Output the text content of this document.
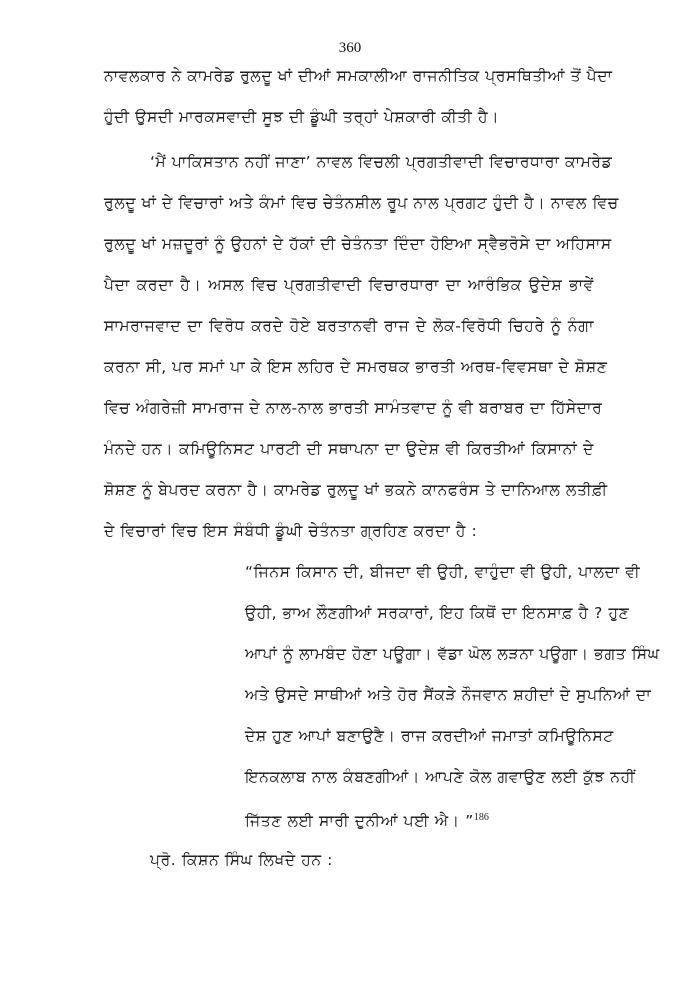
360
ਨਾਵਲਕਾਰ ਨੇ ਕਾਮਰੇਡ ਰੁਲਦੂ ਖਾਂ ਦੀਆਂ ਸਮਕਾਲੀਆ ਰਾਜਨੀਤਿਕ ਪ੍ਰਸਥਿਤੀਆਂ ਤੋਂ ਪੈਦਾ
ਹੁੰਦੀ ਉਸਦੀ ਮਾਰਕਸਵਾਦੀ ਸੂਝ ਦੀ ਡੂੰਘੀ ਤਰ੍ਹਾਂ ਪੇਸ਼ਕਾਰੀ ਕੀਤੀ ਹੈ।
‘ਮੈਂ ਪਾਕਿਸਤਾਨ ਨਹੀਂ ਜਾਣਾ’ ਨਾਵਲ ਵਿਚਲੀ ਪ੍ਰਗਤੀਵਾਦੀ ਵਿਚਾਰਧਾਰਾ ਕਾਮਰੇਡ
ਰੁਲਦੂ ਖਾਂ ਦੇ ਵਿਚਾਰਾਂ ਅਤੇ ਕੰਮਾਂ ਵਿਚ ਚੇਤੰਨਸ਼ੀਲ ਰੂਪ ਨਾਲ ਪ੍ਰਗਟ ਹੁੰਦੀ ਹੈ। ਨਾਵਲ ਵਿਚ
ਰੁਲਦੂ ਖਾਂ ਮਜ਼ਦੂਰਾਂ ਨੂੰ ਉਹਨਾਂ ਦੇ ਹੱਕਾਂ ਦੀ ਚੇਤੰਨਤਾ ਦਿੰਦਾ ਹੋਇਆ ਸ੍ਵੈਭਰੋਸੇ ਦਾ ਅਹਿਸਾਸ
ਪੈਦਾ ਕਰਦਾ ਹੈ। ਅਸਲ ਵਿਚ ਪ੍ਰਗਤੀਵਾਦੀ ਵਿਚਾਰਧਾਰਾ ਦਾ ਆਰੰਭਿਕ ਉਦੇਸ਼ ਭਾਵੇਂ
ਸਾਮਰਾਜਵਾਦ ਦਾ ਵਿਰੋਧ ਕਰਦੇ ਹੋਏ ਬਰਤਾਨਵੀ ਰਾਜ ਦੇ ਲੋਕ-ਵਿਰੋਧੀ ਚਿਹਰੇ ਨੂੰ ਨੰਗਾ
ਕਰਨਾ ਸੀ, ਪਰ ਸਮਾਂ ਪਾ ਕੇ ਇਸ ਲਹਿਰ ਦੇ ਸਮਰਥਕ ਭਾਰਤੀ ਅਰਥ-ਵਿਵਸਥਾ ਦੇ ਸ਼ੋਸ਼ਣ
ਵਿਚ ਅੰਗਰੇਜ਼ੀ ਸਾਮਰਾਜ ਦੇ ਨਾਲ-ਨਾਲ ਭਾਰਤੀ ਸਾਮੰਤਵਾਦ ਨੂੰ ਵੀ ਬਰਾਬਰ ਦਾ ਹਿੱਸੇਦਾਰ
ਮੰਨਦੇ ਹਨ। ਕਮਿਊਨਿਸਟ ਪਾਰਟੀ ਦੀ ਸਥਾਪਨਾ ਦਾ ਉਦੇਸ਼ ਵੀ ਕਿਰਤੀਆਂ ਕਿਸਾਨਾਂ ਦੇ
ਸ਼ੋਸ਼ਣ ਨੂੰ ਬੇਪਰਦ ਕਰਨਾ ਹੈ। ਕਾਮਰੇਡ ਰੁਲਦੂ ਖਾਂ ਭਕਨੇ ਕਾਨਫਰੰਸ ਤੇ ਦਾਨਿਆਲ ਲਤੀਫ਼ੀ
ਦੇ ਵਿਚਾਰਾਂ ਵਿਚ ਇਸ ਸੰਬੰਧੀ ਡੂੰਘੀ ਚੇਤੰਨਤਾ ਗ੍ਰਹਿਣ ਕਰਦਾ ਹੈ :
“ਜਿਨਸ ਕਿਸਾਨ ਦੀ, ਬੀਜਦਾ ਵੀ ਉਹੀ, ਵਾਹੁੰਦਾ ਵੀ ਉਹੀ, ਪਾਲਦਾ ਵੀ
ਉਹੀ, ਭਾਅ ਲੌਣਗੀਆਂ ਸਰਕਾਰਾਂ, ਇਹ ਕਿਥੋਂ ਦਾ ਇਨਸਾਫ਼ ਹੈ ? ਹੁਣ
ਆਪਾਂ ਨੂੰ ਲਾਮਬੰਦ ਹੋਣਾ ਪਊਗਾ। ਵੱਡਾ ਘੋਲ ਲੜਨਾ ਪਊਗਾ। ਭਗਤ ਸਿੰਘ
ਅਤੇ ਉਸਦੇ ਸਾਥੀਆਂ ਅਤੇ ਹੋਰ ਸੈਂਕੜੇ ਨੌਜਵਾਨ ਸ਼ਹੀਦਾਂ ਦੇ ਸੁਪਨਿਆਂ ਦਾ
ਦੇਸ਼ ਹੁਣ ਆਪਾਂ ਬਣਾਉਣੈ। ਰਾਜ ਕਰਦੀਆਂ ਜਮਾਤਾਂ ਕਮਿਊਨਿਸਟ
ਇਨਕਲਾਬ ਨਾਲ ਕੰਬਣਗੀਆਂ। ਆਪਣੇ ਕੋਲ ਗਵਾਉਣ ਲਈ ਕੁੱਝ ਨਹੀਂ
ਜਿੱਤਣ ਲਈ ਸਾਰੀ ਦੁਨੀਆਂ ਪਈ ਐ। ”$^{186}$
ਪ੍ਰੋ. ਕਿਸ਼ਨ ਸਿੰਘ ਲਿਖਦੇ ਹਨ :
